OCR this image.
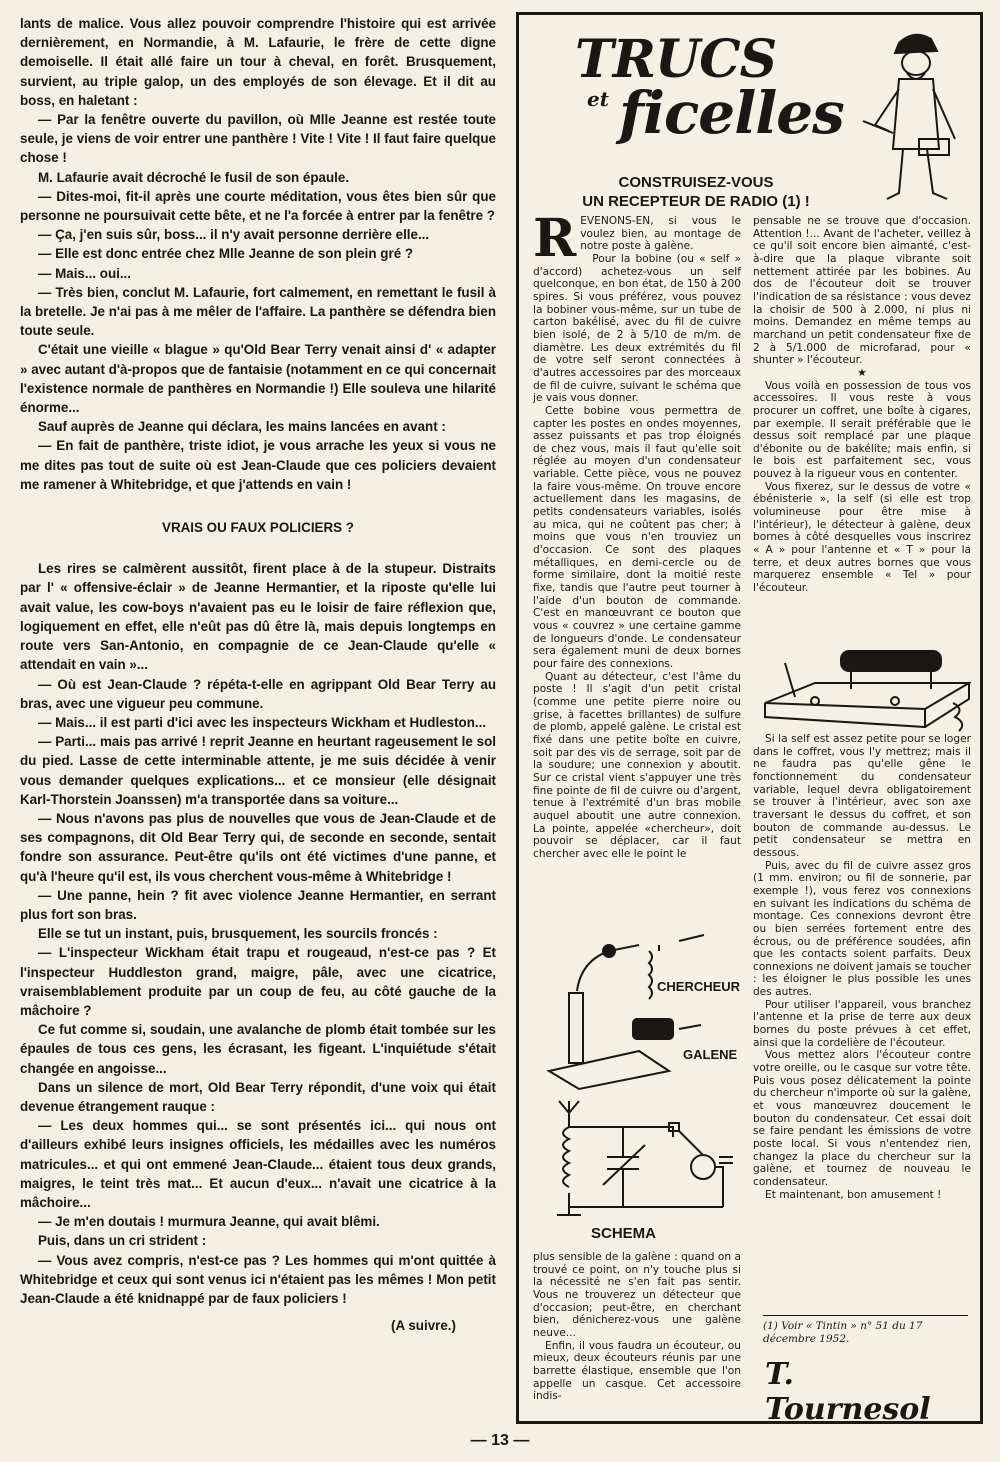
lants de malice. Vous allez pouvoir comprendre l'histoire qui est arrivée dernièrement, en Normandie, à M. Lafaurie, le frère de cette digne demoiselle. Il était allé faire un tour à cheval, en forêt. Brusquement, survient, au triple galop, un des employés de son élevage. Et il dit au boss, en haletant :

— Par la fenêtre ouverte du pavillon, où Mlle Jeanne est restée toute seule, je viens de voir entrer une panthère ! Vite ! Vite ! Il faut faire quelque chose !

M. Lafaurie avait décroché le fusil de son épaule.

— Dites-moi, fit-il après une courte méditation, vous êtes bien sûr que personne ne poursuivait cette bête, et ne l'a forcée à entrer par la fenêtre ?

— Ça, j'en suis sûr, boss... il n'y avait personne derrière elle...

— Elle est donc entrée chez Mlle Jeanne de son plein gré ?

— Mais... oui...

— Très bien, conclut M. Lafaurie, fort calmement, en remettant le fusil à la bretelle. Je n'ai pas à me mêler de l'affaire. La panthère se défendra bien toute seule.

C'était une vieille « blague » qu'Old Bear Terry venait ainsi d' « adapter » avec autant d'à-propos que de fantaisie (notamment en ce qui concernait l'existence normale de panthères en Normandie !) Elle souleva une hilarité énorme...

Sauf auprès de Jeanne qui déclara, les mains lancées en avant :

— En fait de panthère, triste idiot, je vous arrache les yeux si vous ne me dites pas tout de suite où est Jean-Claude que ces policiers devaient me ramener à Whitebridge, et que j'attends en vain !

VRAIS OU FAUX POLICIERS ?

Les rires se calmèrent aussitôt, firent place à de la stupeur. Distraits par l' « offensive-éclair » de Jeanne Hermantier, et la riposte qu'elle lui avait value, les cow-boys n'avaient pas eu le loisir de faire réflexion que, logiquement en effet, elle n'eût pas dû être là, mais depuis longtemps en route vers San-Antonio, en compagnie de ce Jean-Claude qu'elle « attendait en vain »...

— Où est Jean-Claude ? répéta-t-elle en agrippant Old Bear Terry au bras, avec une vigueur peu commune.

— Mais... il est parti d'ici avec les inspecteurs Wickham et Hudleston...

— Parti... mais pas arrivé ! reprit Jeanne en heurtant rageusement le sol du pied. Lasse de cette interminable attente, je me suis décidée à venir vous demander quelques explications... et ce monsieur (elle désignait Karl-Thorstein Joanssen) m'a transportée dans sa voiture...

— Nous n'avons pas plus de nouvelles que vous de Jean-Claude et de ses compagnons, dit Old Bear Terry qui, de seconde en seconde, sentait fondre son assurance. Peut-être qu'ils ont été victimes d'une panne, et qu'à l'heure qu'il est, ils vous cherchent vous-même à Whitebridge !

— Une panne, hein ? fit avec violence Jeanne Hermantier, en serrant plus fort son bras.

Elle se tut un instant, puis, brusquement, les sourcils froncés :

— L'inspecteur Wickham était trapu et rougeaud, n'est-ce pas ? Et l'inspecteur Huddleston grand, maigre, pâle, avec une cicatrice, vraisemblablement produite par un coup de feu, au côté gauche de la mâchoire ?

Ce fut comme si, soudain, une avalanche de plomb était tombée sur les épaules de tous ces gens, les écrasant, les figeant. L'inquiétude s'était changée en angoisse...

Dans un silence de mort, Old Bear Terry répondit, d'une voix qui était devenue étrangement rauque :

— Les deux hommes qui... se sont présentés ici... qui nous ont d'ailleurs exhibé leurs insignes officiels, les médailles avec les numéros matricules... et qui ont emmené Jean-Claude... étaient tous deux grands, maigres, le teint très mat... Et aucun d'eux... n'avait une cicatrice à la mâchoire...

— Je m'en doutais ! murmura Jeanne, qui avait blêmi.

Puis, dans un cri strident :

— Vous avez compris, n'est-ce pas ? Les hommes qui m'ont quittée à Whitebridge et ceux qui sont venus ici n'étaient pas les mêmes ! Mon petit Jean-Claude a été knidnappé par de faux policiers !

(A suivre.)

TRUCS
et ficelles
CONSTRUISEZ-VOUS
UN RECEPTEUR DE RADIO (1) !
R EVENONS-EN, si vous le voulez bien, au montage de notre poste à galène.

Pour la bobine (ou « self » d'accord) achetez-vous un self quelconque, en bon état, de 150 à 200 spires. Si vous préférez, vous pouvez la bobiner vous-même, sur un tube de carton bakélisé, avec du fil de cuivre bien isolé, de 2 à 5/10 de m/m. de diamètre. Les deux extrémités du fil de votre self seront connectées à d'autres accessoires par des morceaux de fil de cuivre, suivant le schéma que je vais vous donner.

Cette bobine vous permettra de capter les postes en ondes moyennes, assez puissants et pas trop éloignés de chez vous, mais il faut qu'elle soit réglée au moyen d'un condensateur variable. Cette pièce, vous ne pouvez la faire vous-même. On trouve encore actuellement dans les magasins, de petits condensateurs variables, isolés au mica, qui ne coûtent pas cher; à moins que vous n'en trouviez un d'occasion. Ce sont des plaques métalliques, en demi-cercle ou de forme similaire, dont la moitié reste fixe, tandis que l'autre peut tourner à l'aide d'un bouton de commande. C'est en manœuvrant ce bouton que vous « couvrez » une certaine gamme de longueurs d'onde. Le condensateur sera également muni de deux bornes pour faire des connexions.

Quant au détecteur, c'est l'âme du poste ! Il s'agit d'un petit cristal (comme une petite pierre noire ou grise, à facettes brillantes) de sulfure de plomb, appelé galène. Le cristal est fixé dans une petite boîte en cuivre, soit par des vis de serrage, soit par de la soudure; une connexion y aboutit. Sur ce cristal vient s'appuyer une très fine pointe de fil de cuivre ou d'argent, tenue à l'extrémité d'un bras mobile auquel aboutit une autre connexion. La pointe, appelée «chercheur», doit pouvoir se déplacer, car il faut chercher avec elle le point le

pensable ne se trouve que d'occasion. Attention !... Avant de l'acheter, veillez à ce qu'il soit encore bien aimanté, c'est-à-dire que la plaque vibrante soit nettement attirée par les bobines. Au dos de l'écouteur doit se trouver l'indication de sa résistance : vous devez la choisir de 500 à 2.000, ni plus ni moins. Demandez en même temps au marchand un petit condensateur fixe de 2 à 5/1.000 de microfarad, pour « shunter » l'écouteur.

★

Vous voilà en possession de tous vos accessoires. Il vous reste à vous procurer un coffret, une boîte à cigares, par exemple. Il serait préférable que le dessus soit remplacé par une plaque d'ébonite ou de bakélite; mais enfin, si le bois est parfaitement sec, vous pouvez à la rigueur vous en contenter.

Vous fixerez, sur le dessus de votre « ébénisterie », la self (si elle est trop volumineuse pour être mise à l'intérieur), le détecteur à galène, deux bornes à côté desquelles vous inscrirez « A » pour l'antenne et « T » pour la terre, et deux autres bornes que vous marquerez ensemble « Tel » pour l'écouteur.

Si la self est assez petite pour se loger dans le coffret, vous l'y mettrez; mais il ne faudra pas qu'elle gêne le fonctionnement du condensateur variable, lequel devra obligatoirement se trouver à l'intérieur, avec son axe traversant le dessus du coffret, et son bouton de commande au-dessus. Le petit condensateur se mettra en dessous.

Puis, avec du fil de cuivre assez gros (1 mm. environ; ou fil de sonnerie, par exemple !), vous ferez vos connexions en suivant les indications du schéma de montage. Ces connexions devront être ou bien serrées fortement entre des écrous, ou de préférence soudées, afin que les contacts soient parfaits. Deux connexions ne doivent jamais se toucher : les éloigner le plus possible les unes des autres.

Pour utiliser l'appareil, vous branchez l'antenne et la prise de terre aux deux bornes du poste prévues à cet effet, ainsi que la cordelière de l'écouteur.

Vous mettez alors l'écouteur contre votre oreille, ou le casque sur votre tête. Puis vous posez délicatement la pointe du chercheur n'importe où sur la galène, et vous manœuvrez doucement le bouton du condensateur. Cet essai doit se faire pendant les émissions de votre poste local. Si vous n'entendez rien, changez la place du chercheur sur la galène, et tournez de nouveau le condensateur.

Et maintenant, bon amusement !

CHERCHEUR
GALENE
SCHEMA

plus sensible de la galène : quand on a trouvé ce point, on n'y touche plus si la nécessité ne s'en fait pas sentir. Vous ne trouverez un détecteur que d'occasion; peut-être, en cherchant bien, dénicherez-vous une galène neuve...

Enfin, il vous faudra un écouteur, ou mieux, deux écouteurs réunis par une barrette élastique, ensemble que l'on appelle un casque. Cet accessoire indis-

(1) Voir « Tintin » n° 51 du 17 décembre 1952.
T. Tournesol
— 13 —
